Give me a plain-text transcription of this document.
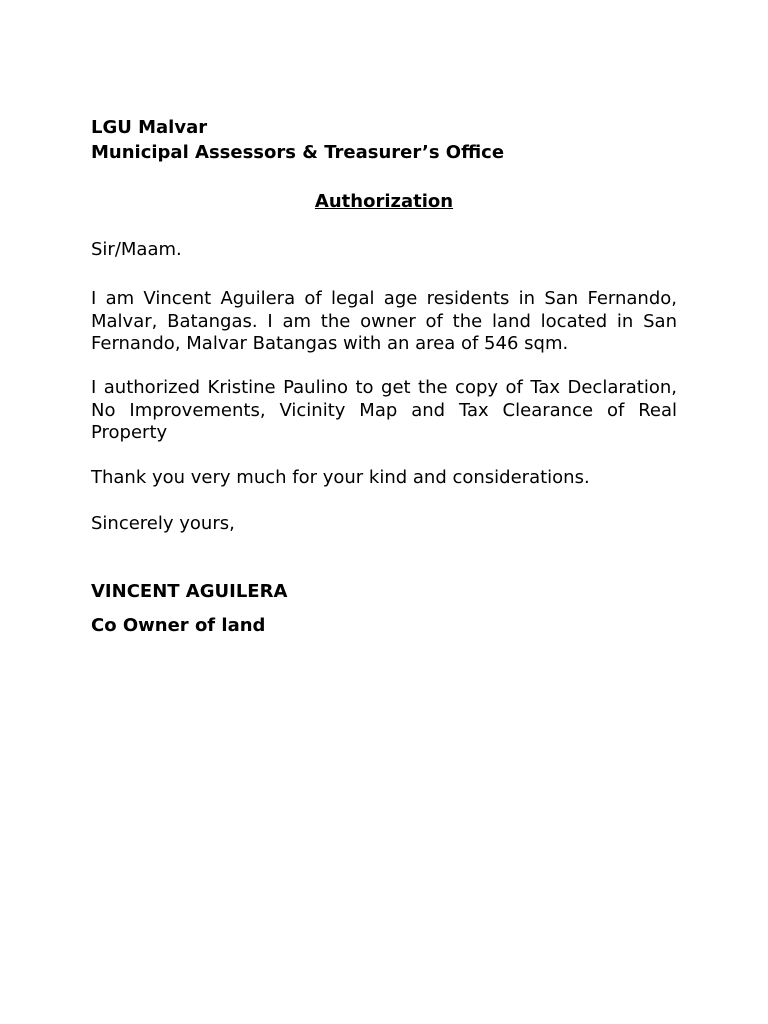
LGU Malvar
Municipal Assessors & Treasurer’s Office
Authorization
Sir/Maam.
I am Vincent Aguilera of legal age residents in San Fernando, Malvar, Batangas. I am the owner of the land located in San Fernando, Malvar Batangas with an area of 546 sqm.
I authorized Kristine Paulino to get the copy of Tax Declaration, No Improvements, Vicinity Map and Tax Clearance of Real Property
Thank you very much for your kind and considerations.
Sincerely yours,
VINCENT AGUILERA
Co Owner of land
